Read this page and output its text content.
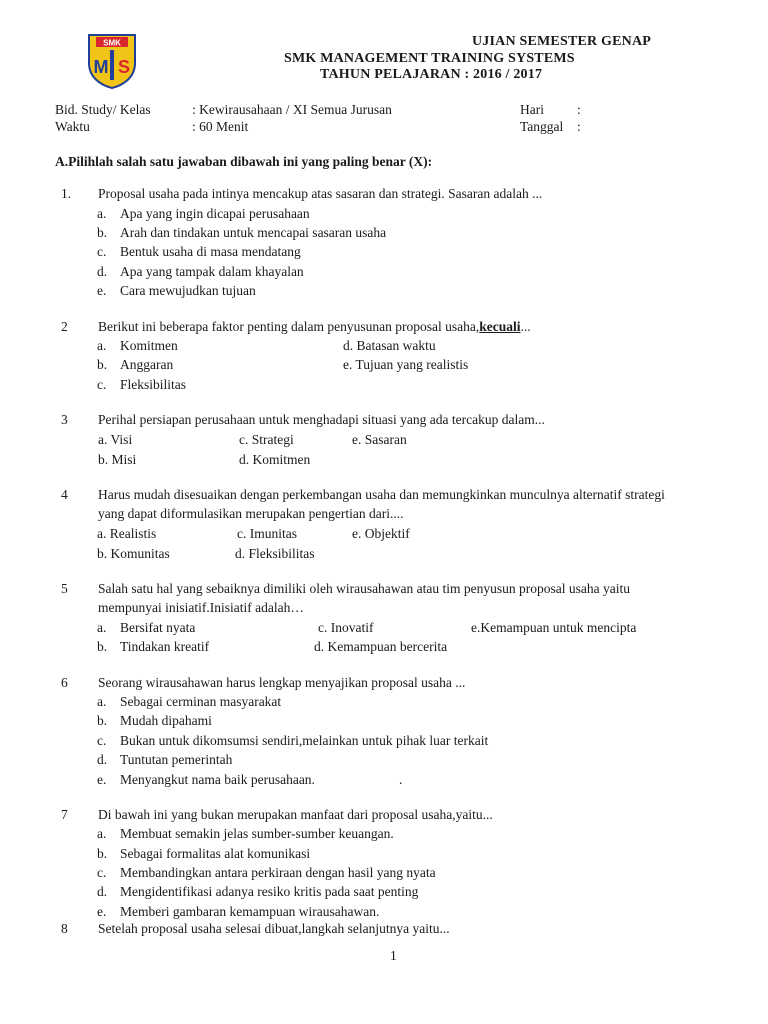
SMK
M S
UJIAN SEMESTER GENAP
SMK MANAGEMENT TRAINING SYSTEMS
TAHUN PELAJARAN : 2016 / 2017
Bid. Study/ Kelas	: Kewirausahaan / XI Semua Jurusan	Hari :
Waktu	: 60 Menit	Tanggal :
A.Pilihlah salah satu jawaban dibawah ini yang paling benar (X):
1. Proposal usaha pada intinya mencakup atas sasaran dan strategi. Sasaran adalah ...
a. Apa yang ingin dicapai perusahaan
b. Arah dan tindakan untuk mencapai sasaran usaha
c. Bentuk usaha di masa mendatang
d. Apa yang tampak dalam khayalan
e. Cara mewujudkan tujuan
2 Berikut ini beberapa faktor penting dalam penyusunan proposal usaha,kecuali...
a. Komitmen	d. Batasan waktu
b. Anggaran	e. Tujuan yang realistis
c. Fleksibilitas
3 Perihal persiapan perusahaan untuk menghadapi situasi yang ada tercakup dalam...
a. Visi	c. Strategi	e. Sasaran
b. Misi	d. Komitmen
4 Harus mudah disesuaikan dengan perkembangan usaha dan memungkinkan munculnya alternatif strategi
yang dapat diformulasikan merupakan pengertian dari....
a. Realistis	c. Imunitas	e. Objektif
b. Komunitas	d. Fleksibilitas
5 Salah satu hal yang sebaiknya dimiliki oleh wirausahawan atau tim penyusun proposal usaha yaitu
mempunyai inisiatif.Inisiatif adalah…
a. Bersifat nyata	c. Inovatif	e.Kemampuan untuk mencipta
b. Tindakan kreatif	d. Kemampuan bercerita
6 Seorang wirausahawan harus lengkap menyajikan proposal usaha ...
a. Sebagai cerminan masyarakat
b. Mudah dipahami
c. Bukan untuk dikomsumsi sendiri,melainkan untuk pihak luar terkait
d. Tuntutan pemerintah
e. Menyangkut nama baik perusahaan.	.
7 Di bawah ini yang bukan merupakan manfaat dari proposal usaha,yaitu...
a. Membuat semakin jelas sumber-sumber keuangan.
b. Sebagai formalitas alat komunikasi
c. Membandingkan antara perkiraan dengan hasil yang nyata
d. Mengidentifikasi adanya resiko kritis pada saat penting
e. Memberi gambaran kemampuan wirausahawan.
8 Setelah proposal usaha selesai dibuat,langkah selanjutnya yaitu...
1
